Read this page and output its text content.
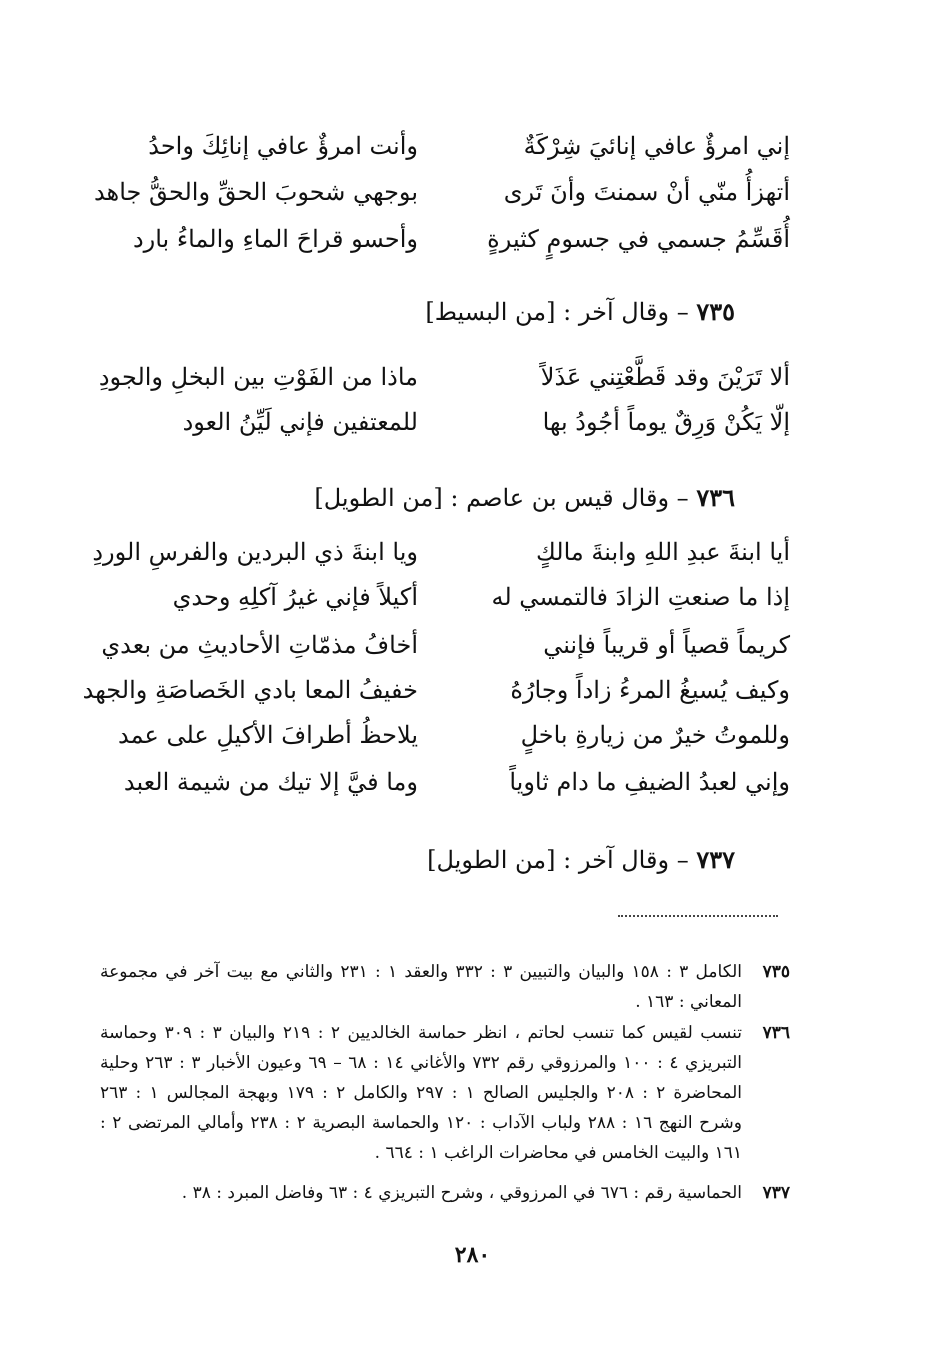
إني امرؤٌ عافي إنائيَ شِرْكَةٌ
وأنت امرؤٌ عافي إنائِكَ واحدُ
أتهزأُ منّي أنْ سمنتَ وأنَ تَرى
بوجهي شحوبَ الحقِّ والحقُّ جاهد
أُقَسِّمُ جسمي في جسومٍ كثيرةٍ
وأحسو قراحَ الماءِ والماءُ بارد
٧٣٥ – وقال آخر : [من البسيط]
ألا تَرَيْنَ وقد قَطَّعْتِني عَذَلاً
ماذا من الفَوْتِ بين البخلِ والجودِ
إلّا يَكُنْ وَرِقٌ يوماً أجُودُ بها
للمعتفين فإني لَيِّنُ العود
٧٣٦ – وقال قيس بن عاصم : [من الطويل]
أيا ابنةَ عبدِ اللهِ وابنةَ مالكٍ
ويا ابنةَ ذي البردين والفرسِ الوردِ
إذا ما صنعتِ الزادَ فالتمسي له
أكيلاً فإني غيرُ آكلِهِ وحدي
كريماً قصياً أو قريباً فإنني
أخافُ مذمّاتِ الأحاديثِ من بعدي
وكيف يُسيغُ المرءُ زاداً وجارُهُ
خفيفُ المعا بادي الخَصاصَةِ والجهد
وللموتُ خيرٌ من زيارةِ باخلٍ
يلاحظُ أطرافَ الأكيلِ على عمد
وإني لعبدُ الضيفِ ما دام ثاوياً
وما فيَّ إلا تيك من شيمة العبد
٧٣٧ – وقال آخر : [من الطويل]
٧٣٥
الكامل ٣ : ١٥٨ والبيان والتبيين ٣ : ٣٣٢ والعقد ١ : ٢٣١ والثاني مع بيت آخر في مجموعة المعاني : ١٦٣ .
٧٣٦
تنسب لقيس كما تنسب لحاتم ، انظر حماسة الخالديين ٢ : ٢١٩ والبيان ٣ : ٣٠٩ وحماسة التبريزي ٤ : ١٠٠ والمرزوقي رقم ٧٣٢ والأغاني ١٤ : ٦٨ – ٦٩ وعيون الأخبار ٣ : ٢٦٣ وحلية المحاضرة ٢ : ٢٠٨ والجليس الصالح ١ : ٢٩٧ والكامل ٢ : ١٧٩ وبهجة المجالس ١ : ٢٦٣ وشرح النهج ١٦ : ٢٨٨ ولباب الآداب : ١٢٠ والحماسة البصرية ٢ : ٢٣٨ وأمالي المرتضى ٢ : ١٦١ والبيت الخامس في محاضرات الراغب ١ : ٦٦٤ .
٧٣٧
الحماسية رقم : ٦٧٦ في المرزوقي ، وشرح التبريزي ٤ : ٦٣ وفاضل المبرد : ٣٨ .
٢٨٠
